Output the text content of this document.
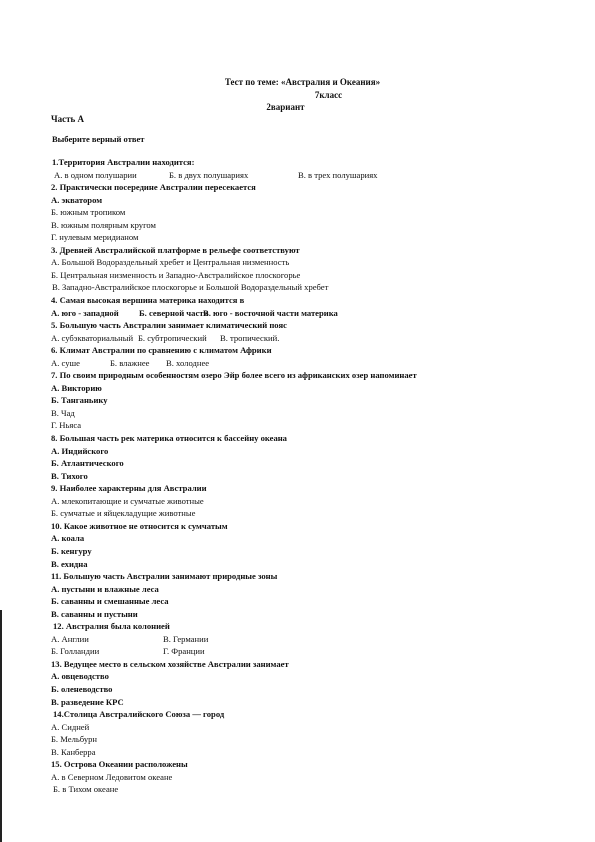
Тест по теме: «Австралия и Океания»
7класс
2вариант
Часть А
Выберите верный ответ
1.Территория Австралии находится:
А. в одном полушарии	Б. в двух полушариях	В. в трех полушариях
2. Практически посередине Австралии пересекается
А. экватором
Б. южным тропиком
В. южным полярным кругом
Г. нулевым меридианом
3. Древней Австралийской платформе в рельефе соответствуют
А. Большой Водораздельный хребет и Центральная низменность
Б. Центральная низменность и Западно-Австралийское плоскогорье
В. Западно-Австралийское плоскогорье и Большой Водораздельный хребет
4. Самая высокая вершина материка находится в
А. юго - западной Б. северной частиВ. юго - восточной части материка
5. Большую часть Австралии занимает климатический пояс
А. субэкваториальный Б. субтропический В. тропический.
6. Климат Австралии по сравнению с климатом Африки
А. суше	Б. влажнее В. холоднее
7. По своим природным особенностям озеро Эйр более всего из африканских озер напоминает
А. Викторию
Б. Танганьику
В. Чад
Г. Ньяса
8. Большая часть рек материка относится к бассейну океана
А. Индийского
Б. Атлантического
В. Тихого
9. Наиболее характерны для Австралии
А. млекопитающие и сумчатые животные
Б. сумчатые и яйцекладущие животные
10. Какое животное не относится к сумчатым
А. коала
Б. кенгуру
В. ехидна
11. Большую часть Австралии занимают природные зоны
А. пустыни и влажные леса
Б. саванны и смешанные леса
В. саванны и пустыни
12. Австралия была колонией
А. Англии	В. Германии
Б. Голландии	Г. Франции
13. Ведущее место в сельском хозяйстве Австралии занимает
А. овцеводство
Б. оленеводство
В. разведение КРС
14.Столица Австралийского Союза — город
А. Сидней
Б. Мельбурн
В. Канберра
15. Острова Океании расположены
А. в Северном Ледовитом океане
Б. в Тихом океане
